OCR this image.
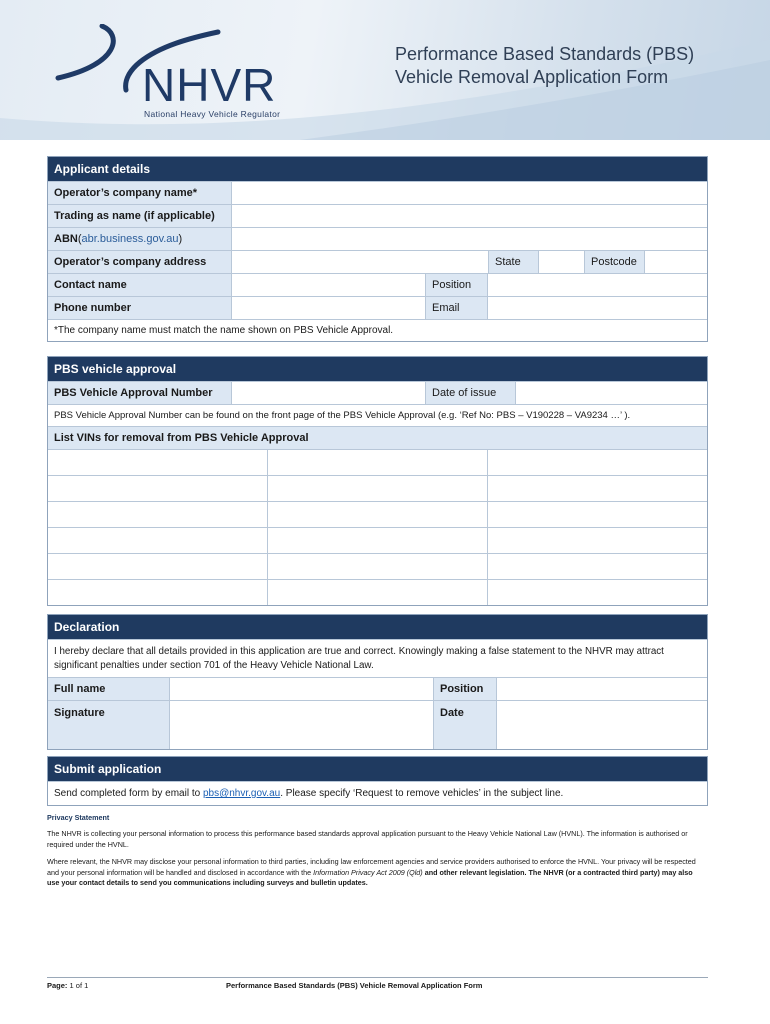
NHVR
National Heavy Vehicle Regulator
Performance Based Standards (PBS)
Vehicle Removal Application Form
Applicant details
Operator’s company name*
Trading as name (if applicable)
ABN ( abr.business.gov.au )
Operator’s company address	State	Postcode
Contact name	Position
Phone number	Email
*The company name must match the name shown on PBS Vehicle Approval.
PBS vehicle approval
PBS Vehicle Approval Number	Date of issue
PBS Vehicle Approval Number can be found on the front page of the PBS Vehicle Approval (e.g. ‘Ref No: PBS – V190228 – VA9234 …’ ).
List VINs for removal from PBS Vehicle Approval
Declaration
I hereby declare that all details provided in this application are true and correct. Knowingly making a false statement to the NHVR may attract significant penalties under section 701 of the Heavy Vehicle National Law.
Full name	Position
Signature	Date
Submit application
Send completed form by email to
pbs@nhvr.gov.au . Please specify ‘Request to remove vehicles’ in the subject line.
Privacy Statement
The NHVR is collecting your personal information to process this performance based standards approval application pursuant to the Heavy Vehicle National Law (HVNL). The information is authorised or required under the HVNL.
Where relevant, the NHVR may disclose your personal information to third parties, including law enforcement agencies and service providers authorised to enforce the HVNL. Your privacy will be respected and your personal information will be handled and disclosed in accordance with the Information Privacy Act 2009 (Qld) and other relevant legislation. The NHVR (or a contracted third party) may also use your contact details to send you communications including surveys and bulletin updates.
Page: 1 of 1	Performance Based Standards (PBS) Vehicle Removal Application Form
